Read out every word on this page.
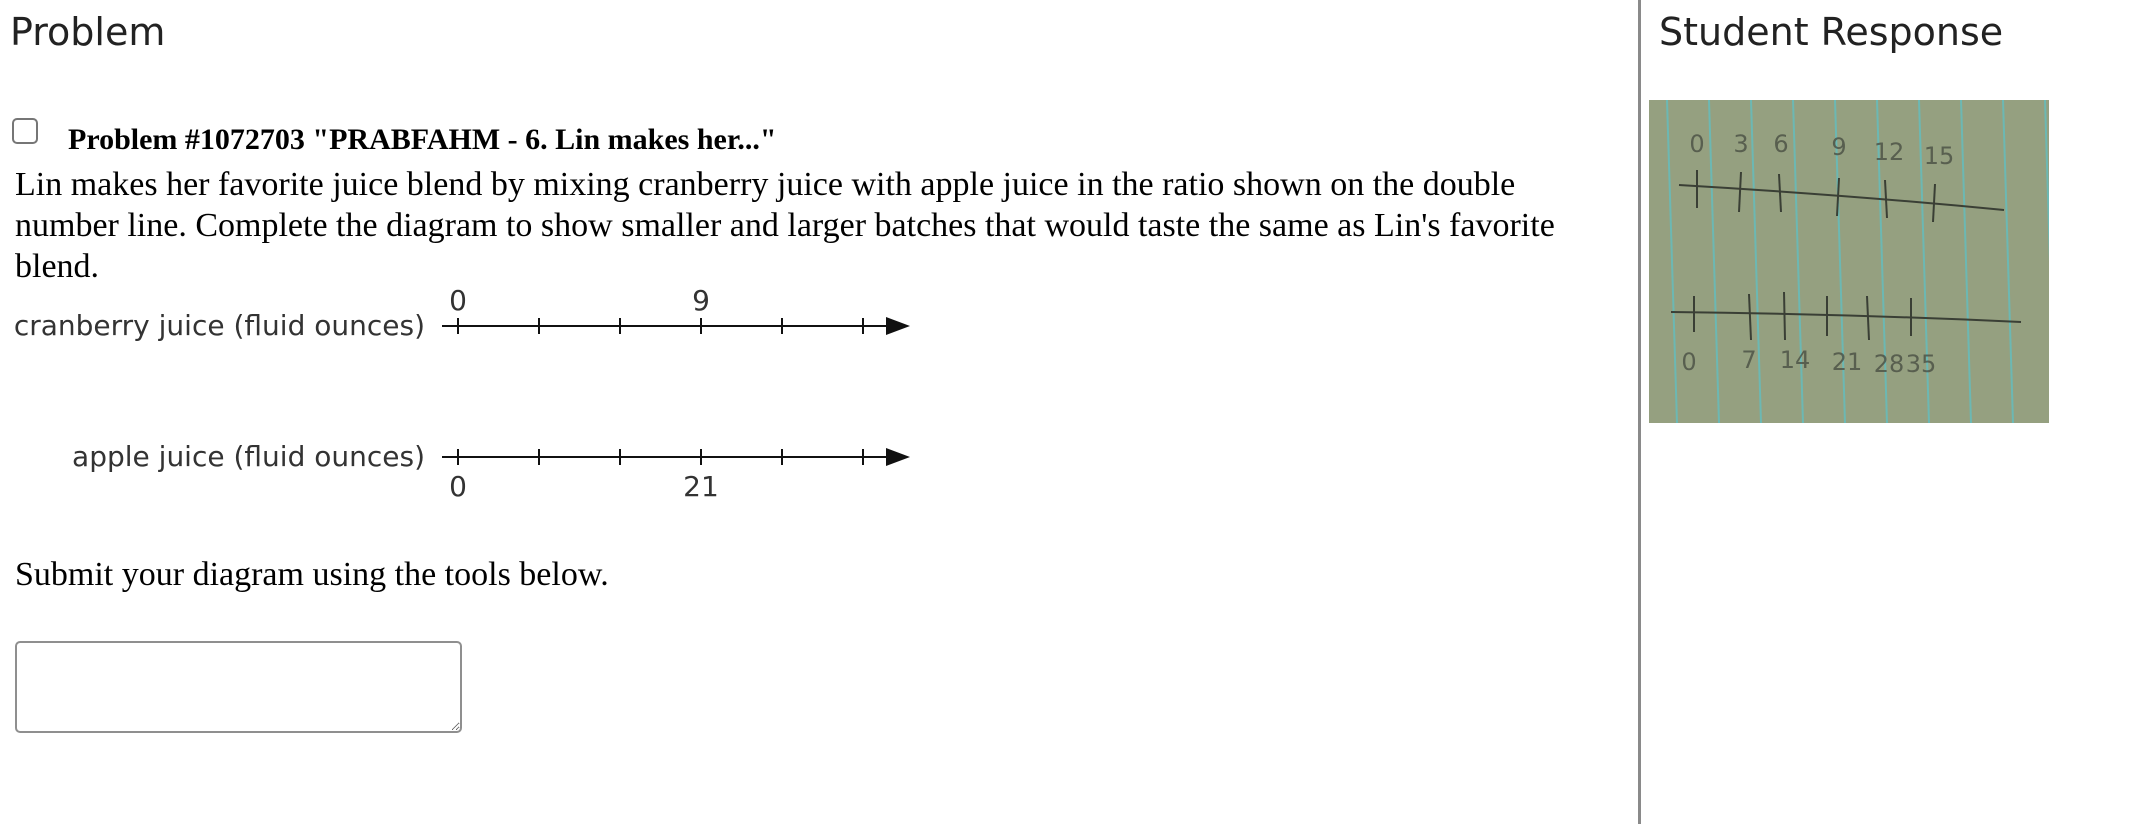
Problem

Problem #1072703 "PRABFAHM - 6. Lin makes her..."

Lin makes her favorite juice blend by mixing cranberry juice with apple juice in the ratio shown on the double number line. Complete the diagram to show smaller and larger batches that would taste the same as Lin's favorite blend.

cranberry juice (fluid ounces)
0	9
apple juice (fluid ounces)
0	21

Submit your diagram using the tools below.

Student Response
0 3 6 9 12 15
0 7 14 21 28 35
